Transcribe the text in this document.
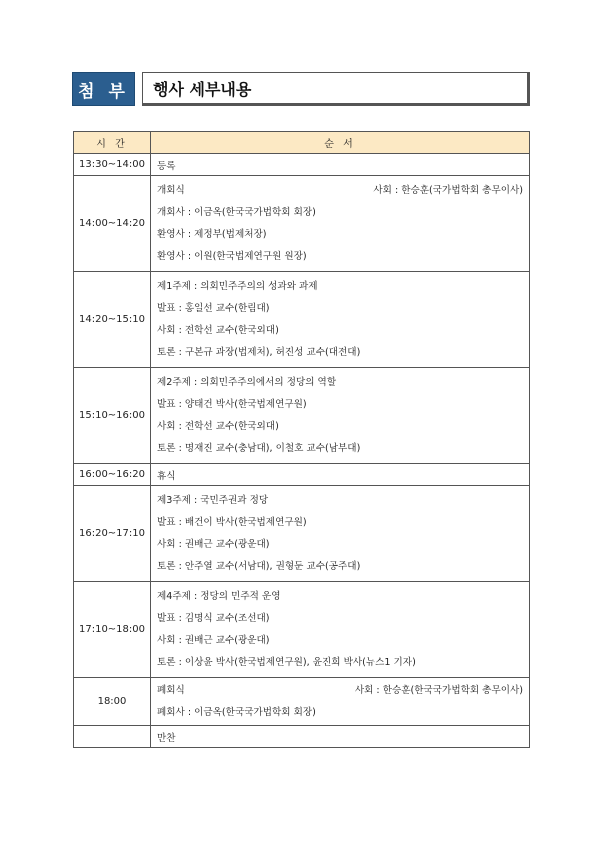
첨 부	행사 세부내용
시 간	순 서
13:30~14:00	등록

14:00~14:20	개회식 사회 : 한승훈(국가법학회 총무이사)
개회사 : 이금옥(한국국가법학회 회장)
환영사 : 제정부(법제처장)
환영사 : 이원(한국법제연구원 원장)

14:20~15:10	제1주제 : 의회민주주의의 성과와 과제
발표 : 홍일선 교수(한림대)
사회 : 전학선 교수(한국외대)
토론 : 구본규 과장(법제처), 허진성 교수(대전대)

15:10~16:00	제2주제 : 의회민주주의에서의 정당의 역할
발표 : 양태건 박사(한국법제연구원)
사회 : 전학선 교수(한국외대)
토론 : 명재진 교수(충남대), 이철호 교수(남부대)

16:00~16:20	휴식

16:20~17:10	제3주제 : 국민주권과 정당
발표 : 배건이 박사(한국법제연구원)
사회 : 권배근 교수(광운대)
토론 : 안주열 교수(서남대), 권형둔 교수(공주대)

17:10~18:00	제4주제 : 정당의 민주적 운영
발표 : 김명식 교수(조선대)
사회 : 권배근 교수(광운대)
토론 : 이상윤 박사(한국법제연구원), 윤진희 박사(뉴스1 기자)

18:00	폐회식 사회 : 한승훈(한국국가법학회 총무이사)
폐회사 : 이금옥(한국국가법학회 회장)

	만찬
